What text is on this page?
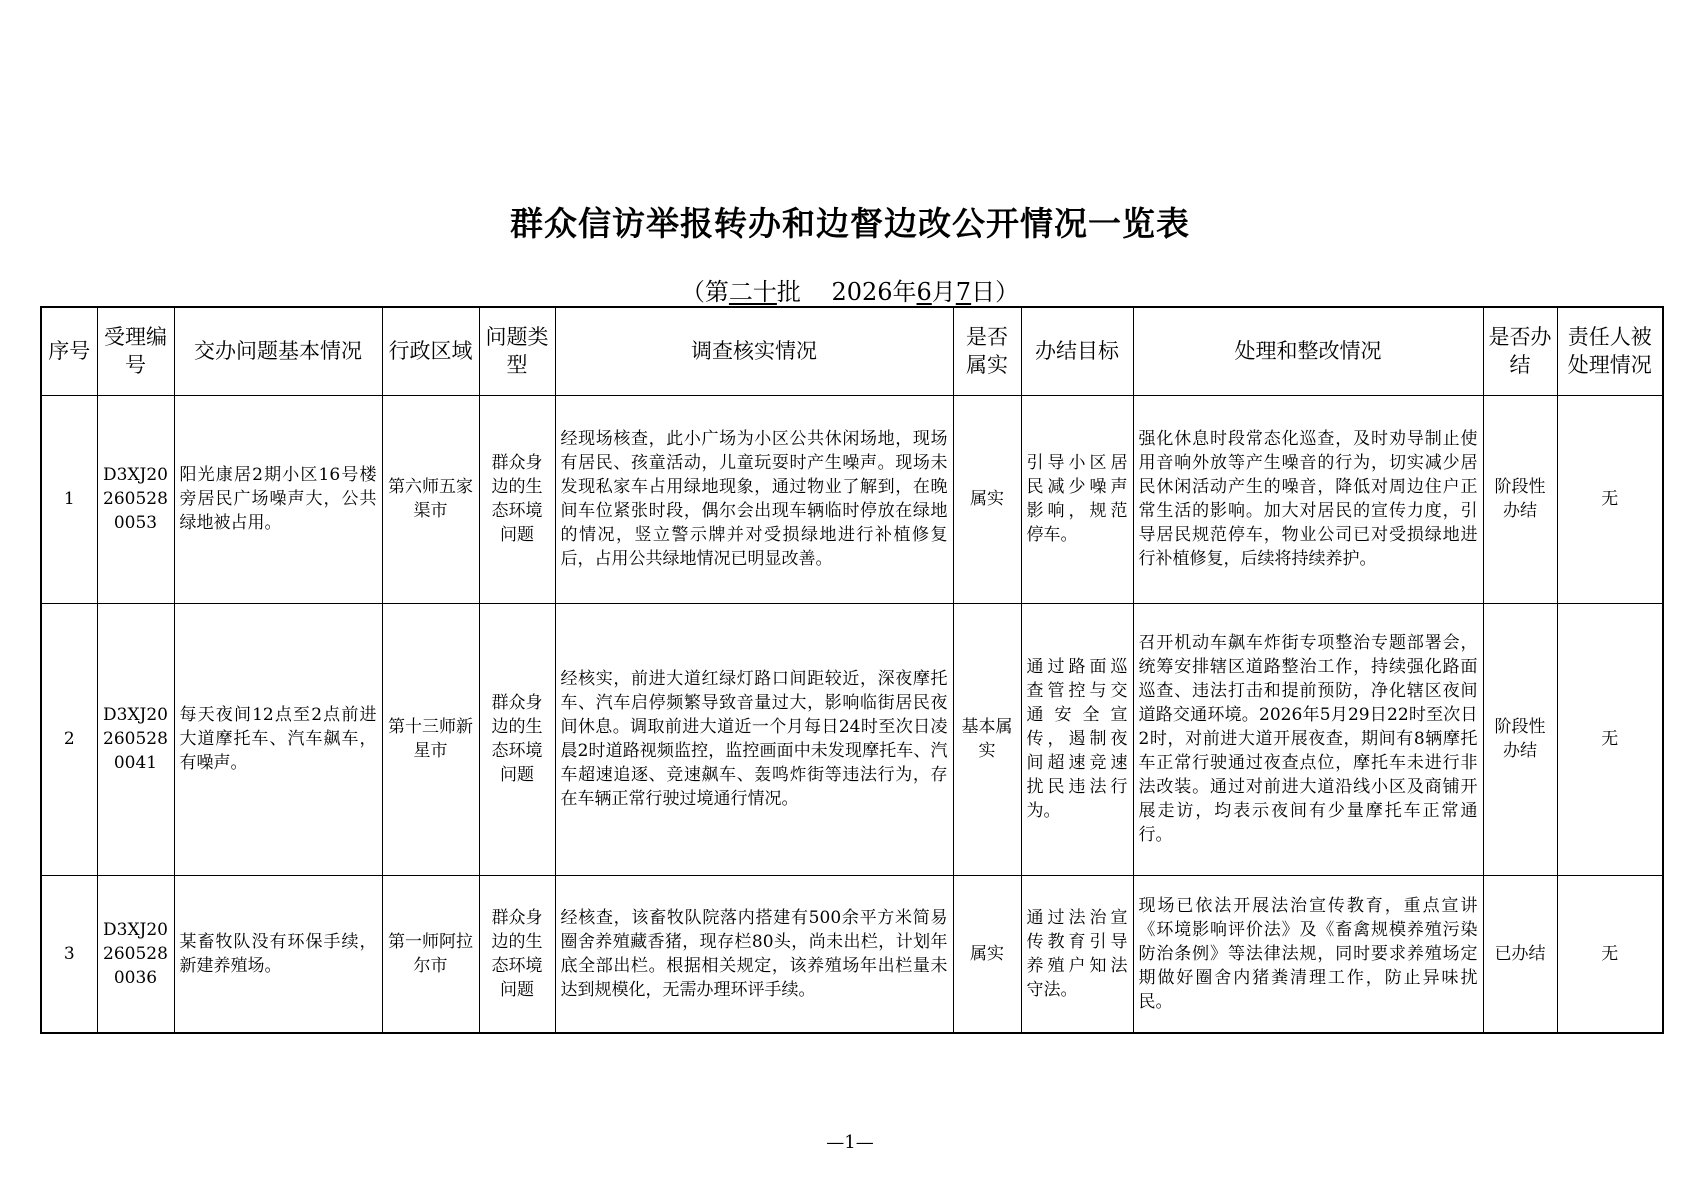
群众信访举报转办和边督边改公开情况一览表
（第二十批 2026年6月7日）
序号	受理编号	交办问题基本情况	行政区域	问题类型	调查核实情况	是否属实	办结目标	处理和整改情况	是否办结	责任人被处理情况
1	D3XJ202605280053	阳光康居2期小区16号楼旁居民广场噪声大，公共绿地被占用。	第六师五家渠市	群众身边的生态环境问题	经现场核查，此小广场为小区公共休闲场地，现场有居民、孩童活动，儿童玩耍时产生噪声。现场未发现私家车占用绿地现象，通过物业了解到，在晚间车位紧张时段，偶尔会出现车辆临时停放在绿地的情况，竖立警示牌并对受损绿地进行补植修复后，占用公共绿地情况已明显改善。	属实	引导小区居民减少噪声影响，规范停车。	强化休息时段常态化巡查，及时劝导制止使用音响外放等产生噪音的行为，切实减少居民休闲活动产生的噪音，降低对周边住户正常生活的影响。加大对居民的宣传力度，引导居民规范停车，物业公司已对受损绿地进行补植修复，后续将持续养护。	阶段性办结	无
2	D3XJ202605280041	每天夜间12点至2点前进大道摩托车、汽车飙车，有噪声。	第十三师新星市	群众身边的生态环境问题	经核实，前进大道红绿灯路口间距较近，深夜摩托车、汽车启停频繁导致音量过大，影响临街居民夜间休息。调取前进大道近一个月每日24时至次日凌晨2时道路视频监控，监控画面中未发现摩托车、汽车超速追逐、竞速飙车、轰鸣炸街等违法行为，存在车辆正常行驶过境通行情况。	基本属实	通过路面巡查管控与交通安全宣传，遏制夜间超速竞速扰民违法行为。	召开机动车飙车炸街专项整治专题部署会，统筹安排辖区道路整治工作，持续强化路面巡查、违法打击和提前预防，净化辖区夜间道路交通环境。2026年5月29日22时至次日2时，对前进大道开展夜查，期间有8辆摩托车正常行驶通过夜查点位，摩托车未进行非法改装。通过对前进大道沿线小区及商铺开展走访，均表示夜间有少量摩托车正常通行。	阶段性办结	无
3	D3XJ202605280036	某畜牧队没有环保手续，新建养殖场。	第一师阿拉尔市	群众身边的生态环境问题	经核查，该畜牧队院落内搭建有500余平方米简易圈舍养殖藏香猪，现存栏80头，尚未出栏，计划年底全部出栏。根据相关规定，该养殖场年出栏量未达到规模化，无需办理环评手续。	属实	通过法治宣传教育引导养殖户知法守法。	现场已依法开展法治宣传教育，重点宣讲《环境影响评价法》及《畜禽规模养殖污染防治条例》等法律法规，同时要求养殖场定期做好圈舍内猪粪清理工作，防止异味扰民。	已办结	无
—1—
